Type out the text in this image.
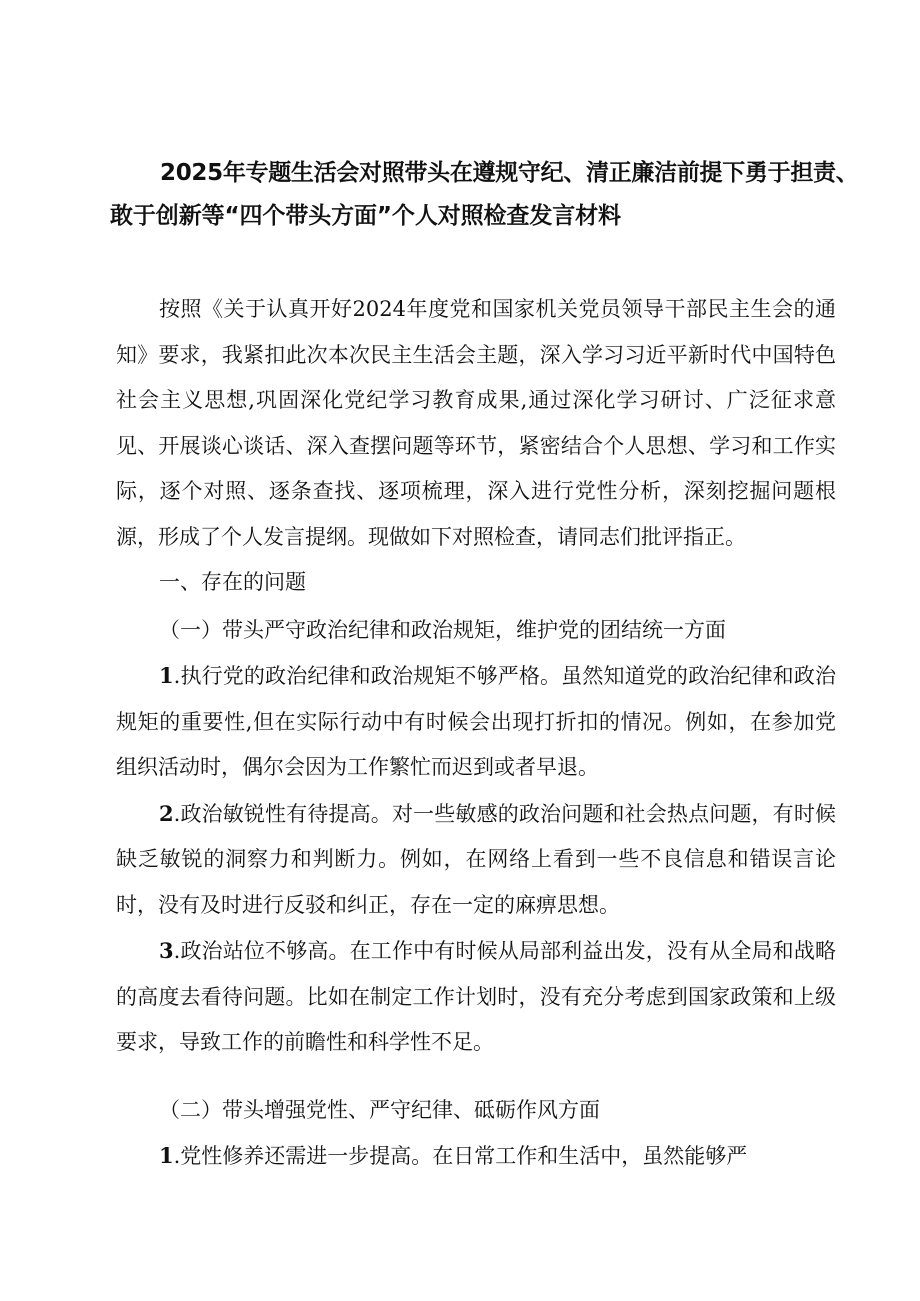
2025年专题生活会对照带头在遵规守纪、清正廉洁前提下勇于担责、
敢于创新等“四个带头方面”个人对照检查发言材料

按照《关于认真开好2024年度党和国家机关党员领导干部民主生会的通知》要求，我紧扣此次本次民主生活会主题，深入学习习近平新时代中国特色社会主义思想,巩固深化党纪学习教育成果,通过深化学习研讨、广泛征求意见、开展谈心谈话、深入查摆问题等环节，紧密结合个人思想、学习和工作实际，逐个对照、逐条查找、逐项梳理，深入进行党性分析，深刻挖掘问题根源，形成了个人发言提纲。现做如下对照检查，请同志们批评指正。

一、存在的问题

（一）带头严守政治纪律和政治规矩，维护党的团结统一方面

1.执行党的政治纪律和政治规矩不够严格。虽然知道党的政治纪律和政治规矩的重要性,但在实际行动中有时候会出现打折扣的情况。例如，在参加党组织活动时，偶尔会因为工作繁忙而迟到或者早退。

2.政治敏锐性有待提高。对一些敏感的政治问题和社会热点问题，有时候缺乏敏锐的洞察力和判断力。例如，在网络上看到一些不良信息和错误言论时，没有及时进行反驳和纠正，存在一定的麻痹思想。

3.政治站位不够高。在工作中有时候从局部利益出发，没有从全局和战略的高度去看待问题。比如在制定工作计划时，没有充分考虑到国家政策和上级要求，导致工作的前瞻性和科学性不足。

（二）带头增强党性、严守纪律、砥砺作风方面

1.党性修养还需进一步提高。在日常工作和生活中，虽然能够严
